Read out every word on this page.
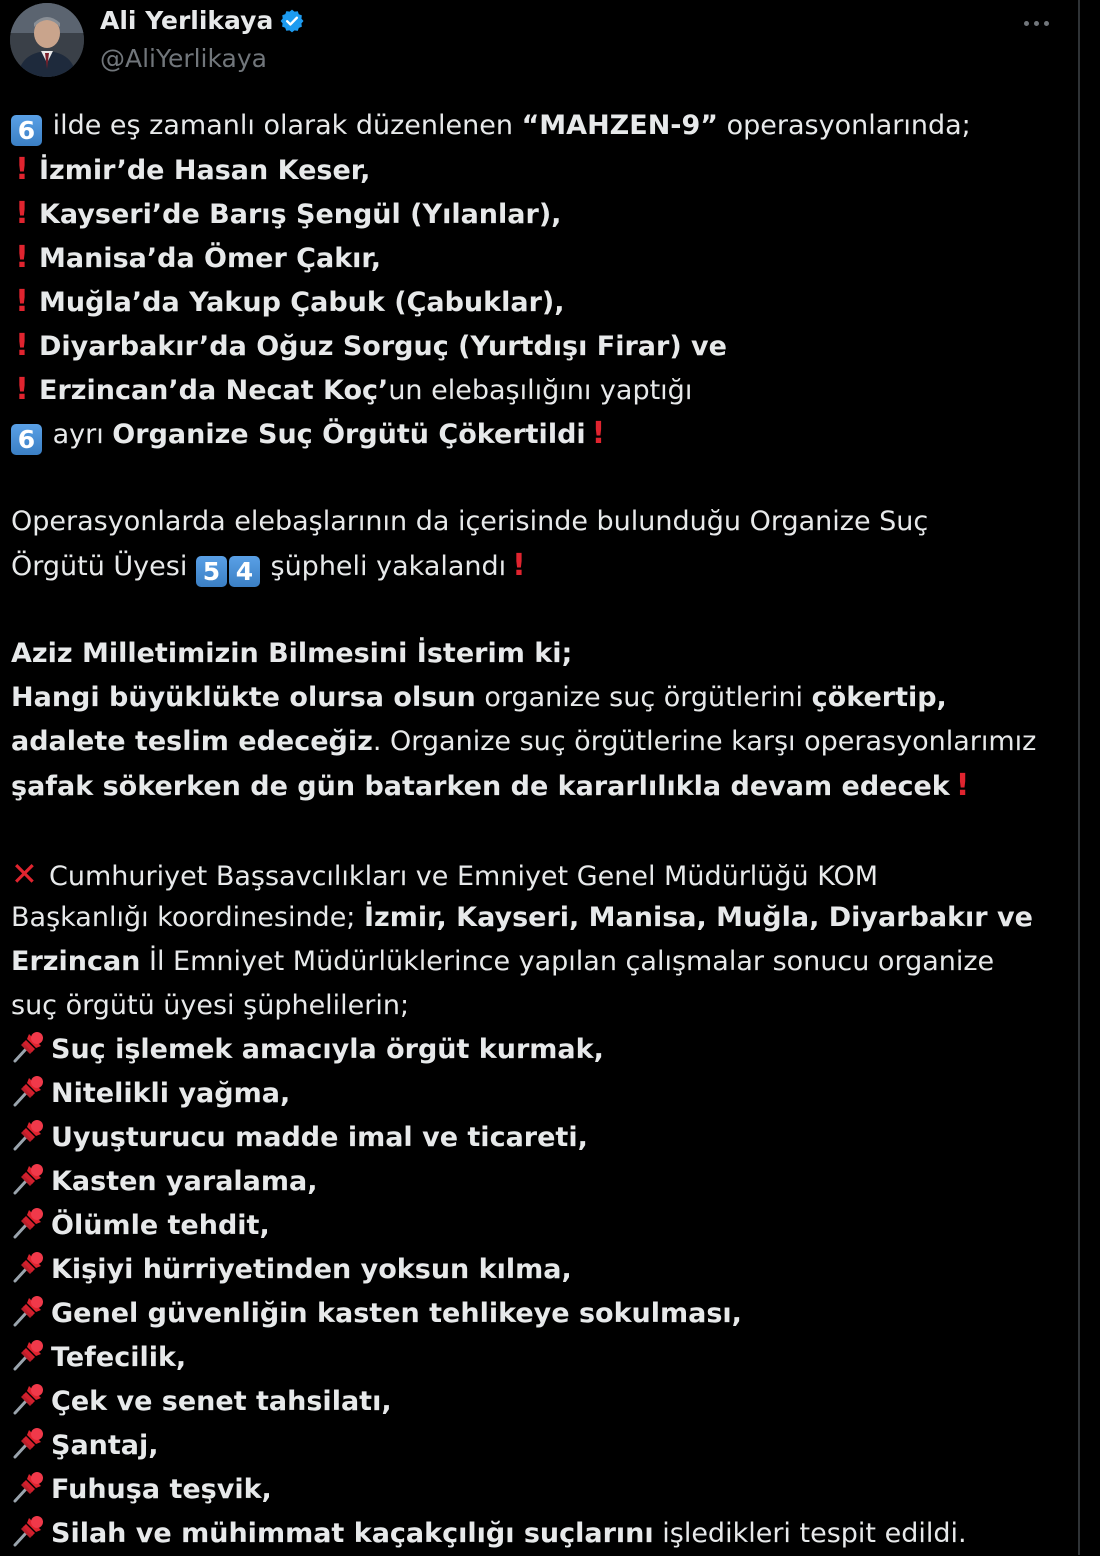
Ali Yerlikaya
@AliYerlikaya
6 ilde eş zamanlı olarak düzenlenen “MAHZEN-9” operasyonlarında;
! İzmir’de Hasan Keser,
! Kayseri’de Barış Şengül (Yılanlar),
! Manisa’da Ömer Çakır,
! Muğla’da Yakup Çabuk (Çabuklar),
! Diyarbakır’da Oğuz Sorguç (Yurtdışı Firar) ve
! Erzincan’da Necat Koç’un elebaşılığını yaptığı
6 ayrı Organize Suç Örgütü Çökertildi !
Operasyonlarda elebaşlarının da içerisinde bulunduğu Organize Suç
Örgütü Üyesi 5 4 şüpheli yakalandı !
Aziz Milletimizin Bilmesini İsterim ki;
Hangi büyüklükte olursa olsun organize suç örgütlerini çökertip,
adalete teslim edeceğiz. Organize suç örgütlerine karşı operasyonlarımız
şafak sökerken de gün batarken de kararlılıkla devam edecek !
✕ Cumhuriyet Başsavcılıkları ve Emniyet Genel Müdürlüğü KOM
Başkanlığı koordinesinde; İzmir, Kayseri, Manisa, Muğla, Diyarbakır ve
Erzincan İl Emniyet Müdürlüklerince yapılan çalışmalar sonucu organize
suç örgütü üyesi şüphelilerin;
Suç işlemek amacıyla örgüt kurmak,
Nitelikli yağma,
Uyuşturucu madde imal ve ticareti,
Kasten yaralama,
Ölümle tehdit,
Kişiyi hürriyetinden yoksun kılma,
Genel güvenliğin kasten tehlikeye sokulması,
Tefecilik,
Çek ve senet tahsilatı,
Şantaj,
Fuhuşa teşvik,
Silah ve mühimmat kaçakçılığı suçlarını işledikleri tespit edildi.
